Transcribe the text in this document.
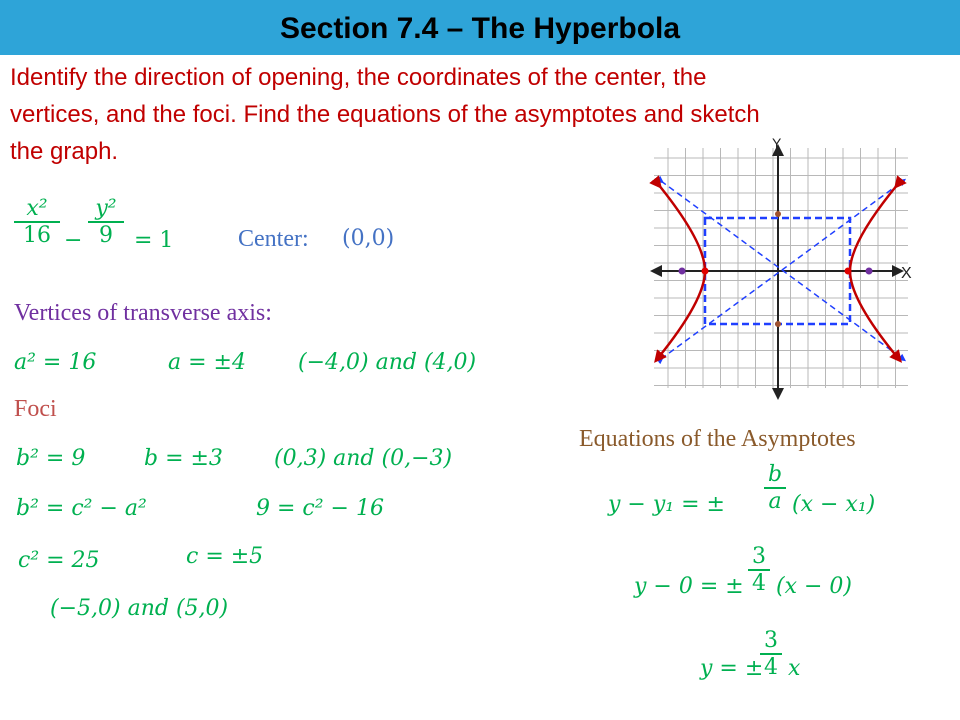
Section 7.4 – The Hyperbola
Identify the direction of opening, the coordinates of the center, the
vertices, and the foci. Find the equations of the asymptotes and sketch
the graph.
x²
16 −
y²
9 = 1	Center: (0,0)
Vertices of transverse axis:
a² = 16	a = ±4 (−4,0) and (4,0)
Foci
b² = 9	b = ±3 (0,3) and (0,−3)
b² = c² − a²	9 = c² − 16
c² = 25	c = ±5
(−5,0) and (5,0)
Equations of the Asymptotes
y − y₁ = ±
b
a (x − x₁)
y − 0 = ±
3
4 (x − 0)
y = ±
3
4 x
X
Y
